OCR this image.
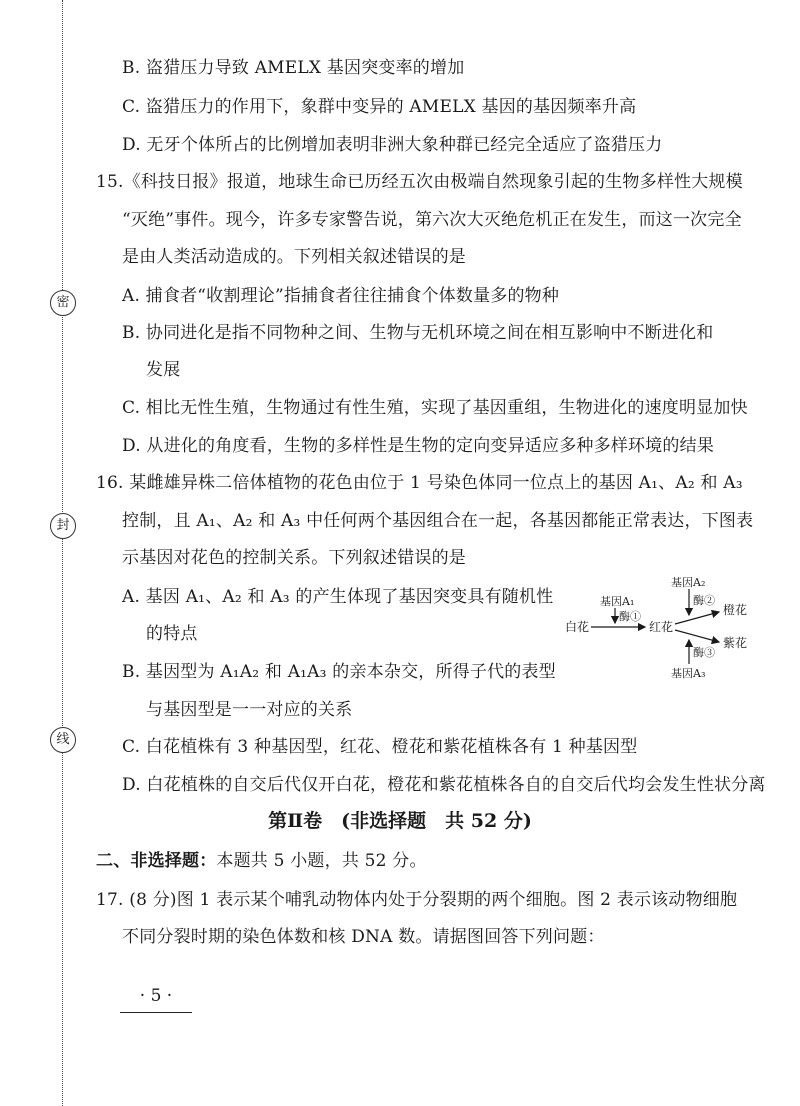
密
封
线
B. 盗猎压力导致 AMELX 基因突变率的增加
C. 盗猎压力的作用下，象群中变异的 AMELX 基因的基因频率升高
D. 无牙个体所占的比例增加表明非洲大象种群已经完全适应了盗猎压力
15.《科技日报》报道，地球生命已历经五次由极端自然现象引起的生物多样性大规模
“灭绝”事件。现今，许多专家警告说，第六次大灭绝危机正在发生，而这一次完全
是由人类活动造成的。下列相关叙述错误的是
A. 捕食者“收割理论”指捕食者往往捕食个体数量多的物种
B. 协同进化是指不同物种之间、生物与无机环境之间在相互影响中不断进化和
发展
C. 相比无性生殖，生物通过有性生殖，实现了基因重组，生物进化的速度明显加快
D. 从进化的角度看，生物的多样性是生物的定向变异适应多种多样环境的结果
16. 某雌雄异株二倍体植物的花色由位于 1 号染色体同一位点上的基因 A₁、A₂ 和 A₃
控制，且 A₁、A₂ 和 A₃ 中任何两个基因组合在一起，各基因都能正常表达，下图表
示基因对花色的控制关系。下列叙述错误的是
A. 基因 A₁、A₂ 和 A₃ 的产生体现了基因突变具有随机性
的特点
B. 基因型为 A₁A₂ 和 A₁A₃ 的亲本杂交，所得子代的表型
与基因型是一一对应的关系
C. 白花植株有 3 种基因型，红花、橙花和紫花植株各有 1 种基因型
D. 白花植株的自交后代仅开白花，橙花和紫花植株各自的自交后代均会发生性状分离
白花
基因A₁
酶①
红花
基因A₂
酶②
橙花
紫花
酶③
基因A₃
第Ⅱ卷　(非选择题　共 52 分)
二、非选择题：本题共 5 小题，共 52 分。
17. (8 分)图 1 表示某个哺乳动物体内处于分裂期的两个细胞。图 2 表示该动物细胞
不同分裂时期的染色体数和核 DNA 数。请据图回答下列问题：
· 5 ·
